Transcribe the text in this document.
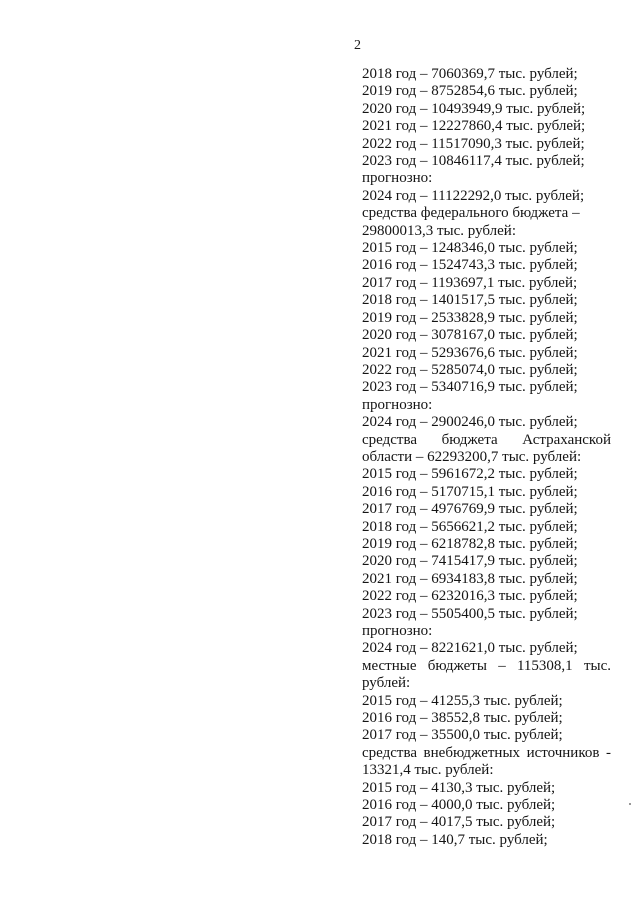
2

2018 год – 7060369,7 тыс. рублей;

2019 год – 8752854,6 тыс. рублей;

2020 год – 10493949,9 тыс. рублей;

2021 год – 12227860,4 тыс. рублей;

2022 год – 11517090,3 тыс. рублей;

2023 год – 10846117,4 тыс. рублей;

прогнозно:

2024 год – 11122292,0 тыс. рублей;

средства федерального бюджета –

29800013,3 тыс. рублей:

2015 год – 1248346,0 тыс. рублей;

2016 год – 1524743,3 тыс. рублей;

2017 год – 1193697,1 тыс. рублей;

2018 год – 1401517,5 тыс. рублей;

2019 год – 2533828,9 тыс. рублей;

2020 год – 3078167,0 тыс. рублей;

2021 год – 5293676,6 тыс. рублей;

2022 год – 5285074,0 тыс. рублей;

2023 год – 5340716,9 тыс. рублей;

прогнозно:

2024 год – 2900246,0 тыс. рублей;

средства бюджета Астраханской области – 62293200,7 тыс. рублей:

2015 год – 5961672,2 тыс. рублей;

2016 год – 5170715,1 тыс. рублей;

2017 год – 4976769,9 тыс. рублей;

2018 год – 5656621,2 тыс. рублей;

2019 год – 6218782,8 тыс. рублей;

2020 год – 7415417,9 тыс. рублей;

2021 год – 6934183,8 тыс. рублей;

2022 год – 6232016,3 тыс. рублей;

2023 год – 5505400,5 тыс. рублей;

прогнозно:

2024 год – 8221621,0 тыс. рублей;

местные бюджеты – 115308,1 тыс. рублей:

2015 год – 41255,3 тыс. рублей;

2016 год – 38552,8 тыс. рублей;

2017 год – 35500,0 тыс. рублей;

средства внебюджетных источников - 13321,4 тыс. рублей:

2015 год – 4130,3 тыс. рублей;

2016 год – 4000,0 тыс. рублей;

2017 год – 4017,5 тыс. рублей;

2018 год – 140,7 тыс. рублей;
